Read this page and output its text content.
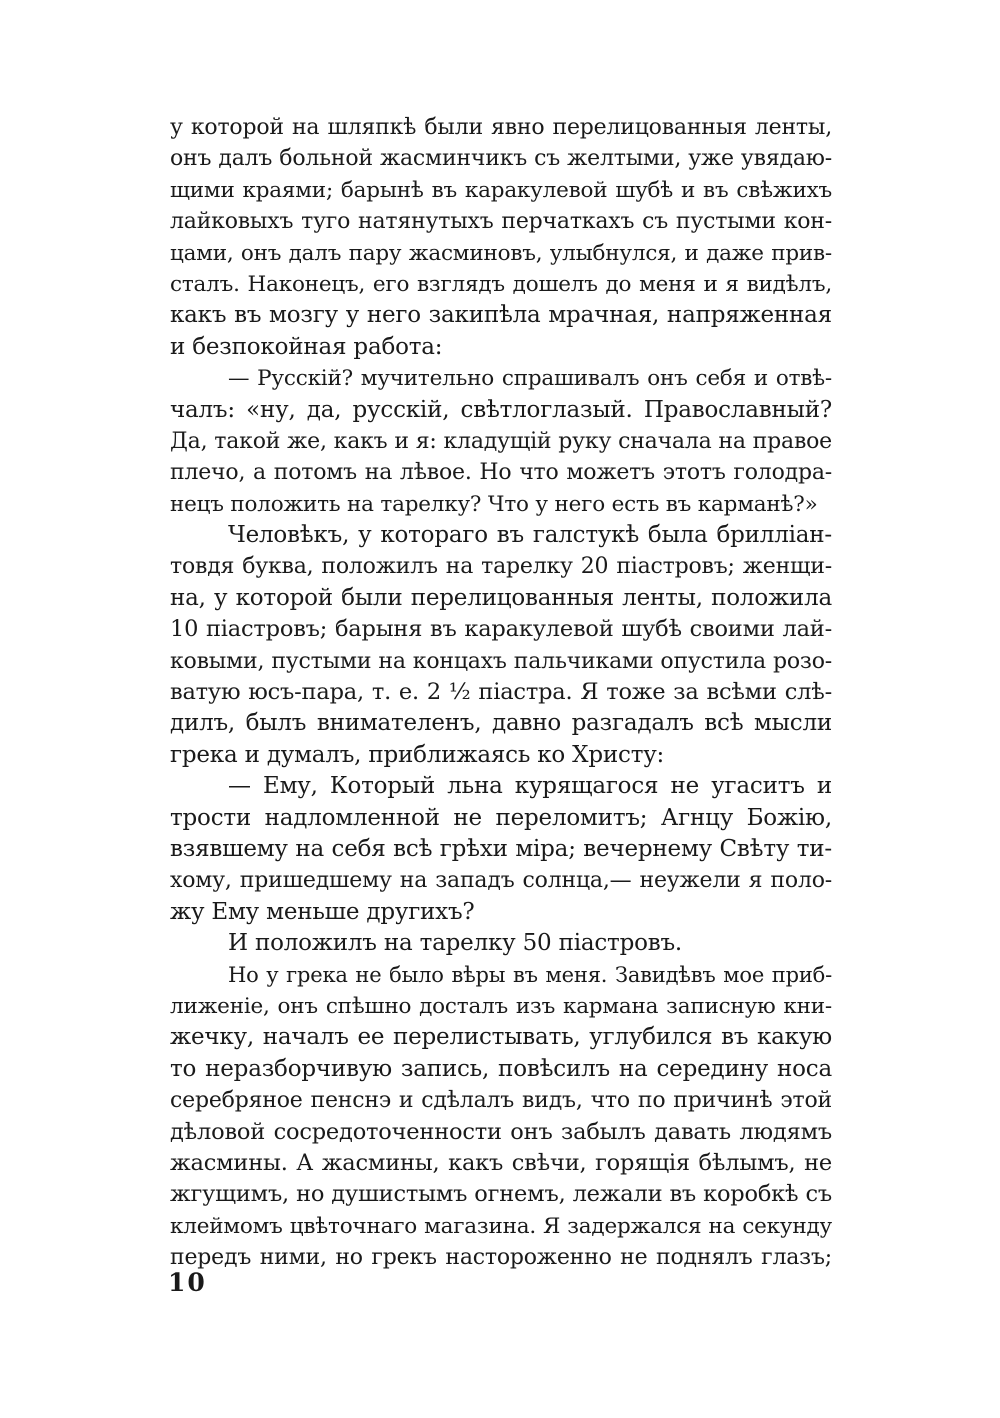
у которой на шляпкѣ были явно перелицованныя ленты,
онъ далъ больной жасминчикъ съ желтыми, уже увядаю-
щими краями; барынѣ въ каракулевой шубѣ и въ свѣжихъ
лайковыхъ туго натянутыхъ перчаткахъ съ пустыми кон-
цами, онъ далъ пару жасминовъ, улыбнулся, и даже прив-
сталъ. Наконецъ, его взглядъ дошелъ до меня и я видѣлъ,
какъ въ мозгу у него закипѣла мрачная, напряженная
и безпокойная работа:
— Русскій? мучительно спрашивалъ онъ себя и отвѣ-
чалъ: «ну, да, русскій, свѣтлоглазый. Православный?
Да, такой же, какъ и я: кладущій руку сначала на правое
плечо, а потомъ на лѣвое. Но что можетъ этотъ голодра-
нецъ положить на тарелку? Что у него есть въ карманѣ?»
Человѣкъ, у котораго въ галстукѣ была брилліан-
товдя буква, положилъ на тарелку 20 піастровъ; женщи-
на, у которой были перелицованныя ленты, положила
10 піастровъ; барыня въ каракулевой шубѣ своими лай-
ковыми, пустыми на концахъ пальчиками опустила розо-
ватую юсъ-пара, т. е. 2 ½ піастра. Я тоже за всѣми слѣ-
дилъ, былъ внимателенъ, давно разгадалъ всѣ мысли
грека и думалъ, приближаясь ко Христу:
— Ему, Который льна курящагося не угаситъ и
трости надломленной не переломитъ; Агнцу Божію,
взявшему на себя всѣ грѣхи міра; вечернему Свѣту ти-
хому, пришедшему на западъ солнца,— неужели я поло-
жу Ему меньше другихъ?
И положилъ на тарелку 50 піастровъ.
Но у грека не было вѣры въ меня. Завидѣвъ мое приб-
лиженіе, онъ спѣшно досталъ изъ кармана записную кни-
жечку, началъ ее перелистывать, углубился въ какую
то неразборчивую запись, повѣсилъ на середину носа
серебряное пенснэ и сдѣлалъ видъ, что по причинѣ этой
дѣловой сосредоточенности онъ забылъ давать людямъ
жасмины. А жасмины, какъ свѣчи, горящія бѣлымъ, не
жгущимъ, но душистымъ огнемъ, лежали въ коробкѣ съ
клеймомъ цвѣточнаго магазина. Я задержался на секунду
передъ ними, но грекъ настороженно не поднялъ глазъ;
10
